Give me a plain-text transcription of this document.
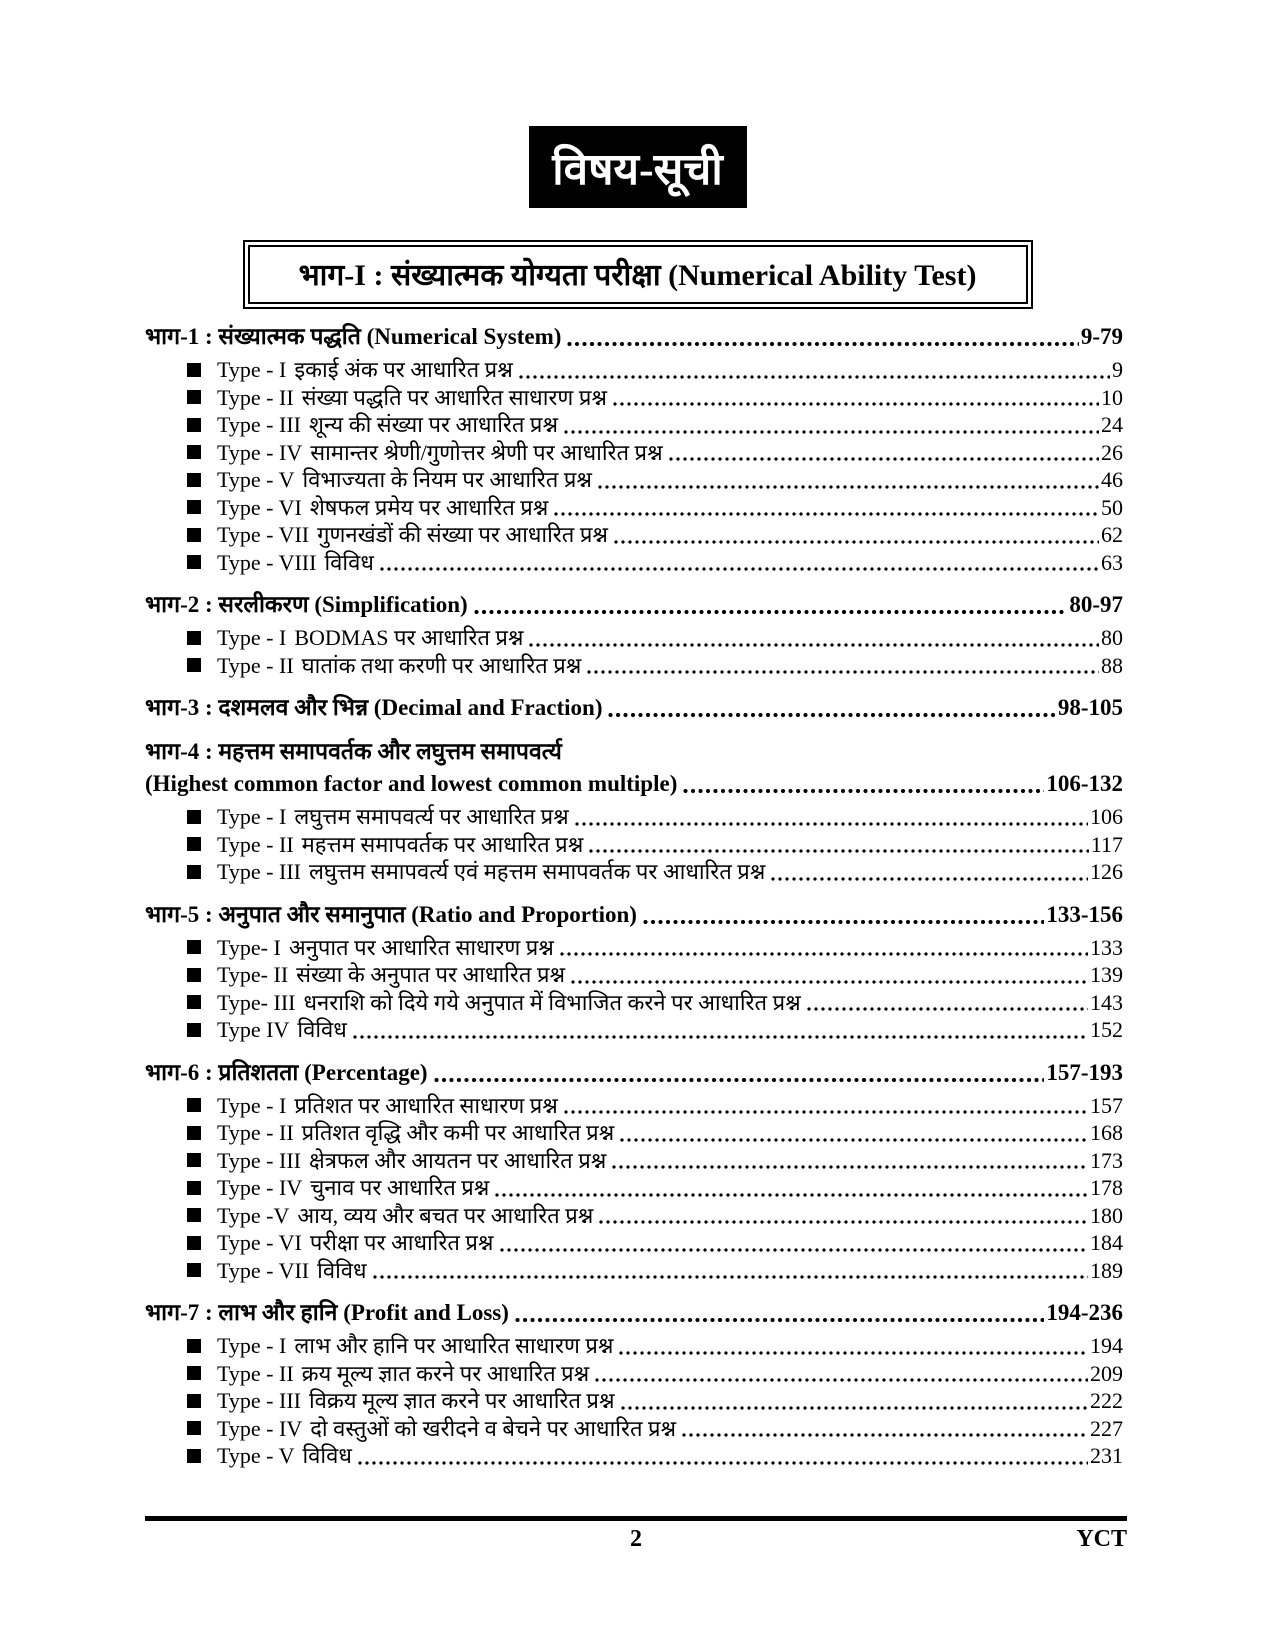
विषय-सूची
भाग-I : संख्यात्मक योग्यता परीक्षा (Numerical Ability Test)
भाग-1 : संख्यात्मक पद्धति (Numerical System)	9-79
Type - I इकाई अंक पर आधारित प्रश्न	9
Type - II संख्या पद्धति पर आधारित साधारण प्रश्न	10
Type - III शून्य की संख्या पर आधारित प्रश्न	24
Type - IV सामान्तर श्रेणी/गुणोत्तर श्रेणी पर आधारित प्रश्न	26
Type - V विभाज्यता के नियम पर आधारित प्रश्न	46
Type - VI शेषफल प्रमेय पर आधारित प्रश्न	50
Type - VII गुणनखंडों की संख्या पर आधारित प्रश्न	62
Type - VIII विविध	63
भाग-2 : सरलीकरण (Simplification)	80-97
Type - I BODMAS पर आधारित प्रश्न	80
Type - II घातांक तथा करणी पर आधारित प्रश्न	88
भाग-3 : दशमलव और भिन्न (Decimal and Fraction)	98-105
भाग-4 : महत्तम समापवर्तक और लघुत्तम समापवर्त्य
(Highest common factor and lowest common multiple)	106-132
Type - I लघुत्तम समापवर्त्य पर आधारित प्रश्न	106
Type - II महत्तम समापवर्तक पर आधारित प्रश्न	117
Type - III लघुत्तम समापवर्त्य एवं महत्तम समापवर्तक पर आधारित प्रश्न	126
भाग-5 : अनुपात और समानुपात (Ratio and Proportion)	133-156
Type- I अनुपात पर आधारित साधारण प्रश्न	133
Type- II संख्या के अनुपात पर आधारित प्रश्न	139
Type- III धनराशि को दिये गये अनुपात में विभाजित करने पर आधारित प्रश्न	143
Type IV विविध	152
भाग-6 : प्रतिशतता (Percentage)	157-193
Type - I प्रतिशत पर आधारित साधारण प्रश्न	157
Type - II प्रतिशत वृद्धि और कमी पर आधारित प्रश्न	168
Type - III क्षेत्रफल और आयतन पर आधारित प्रश्न	173
Type - IV चुनाव पर आधारित प्रश्न	178
Type -V आय, व्यय और बचत पर आधारित प्रश्न	180
Type - VI परीक्षा पर आधारित प्रश्न	184
Type - VII विविध	189
भाग-7 : लाभ और हानि (Profit and Loss)	194-236
Type - I लाभ और हानि पर आधारित साधारण प्रश्न	194
Type - II क्रय मूल्य ज्ञात करने पर आधारित प्रश्न	209
Type - III विक्रय मूल्य ज्ञात करने पर आधारित प्रश्न	222
Type - IV दो वस्तुओं को खरीदने व बेचने पर आधारित प्रश्न	227
Type - V विविध	231
2	YCT
